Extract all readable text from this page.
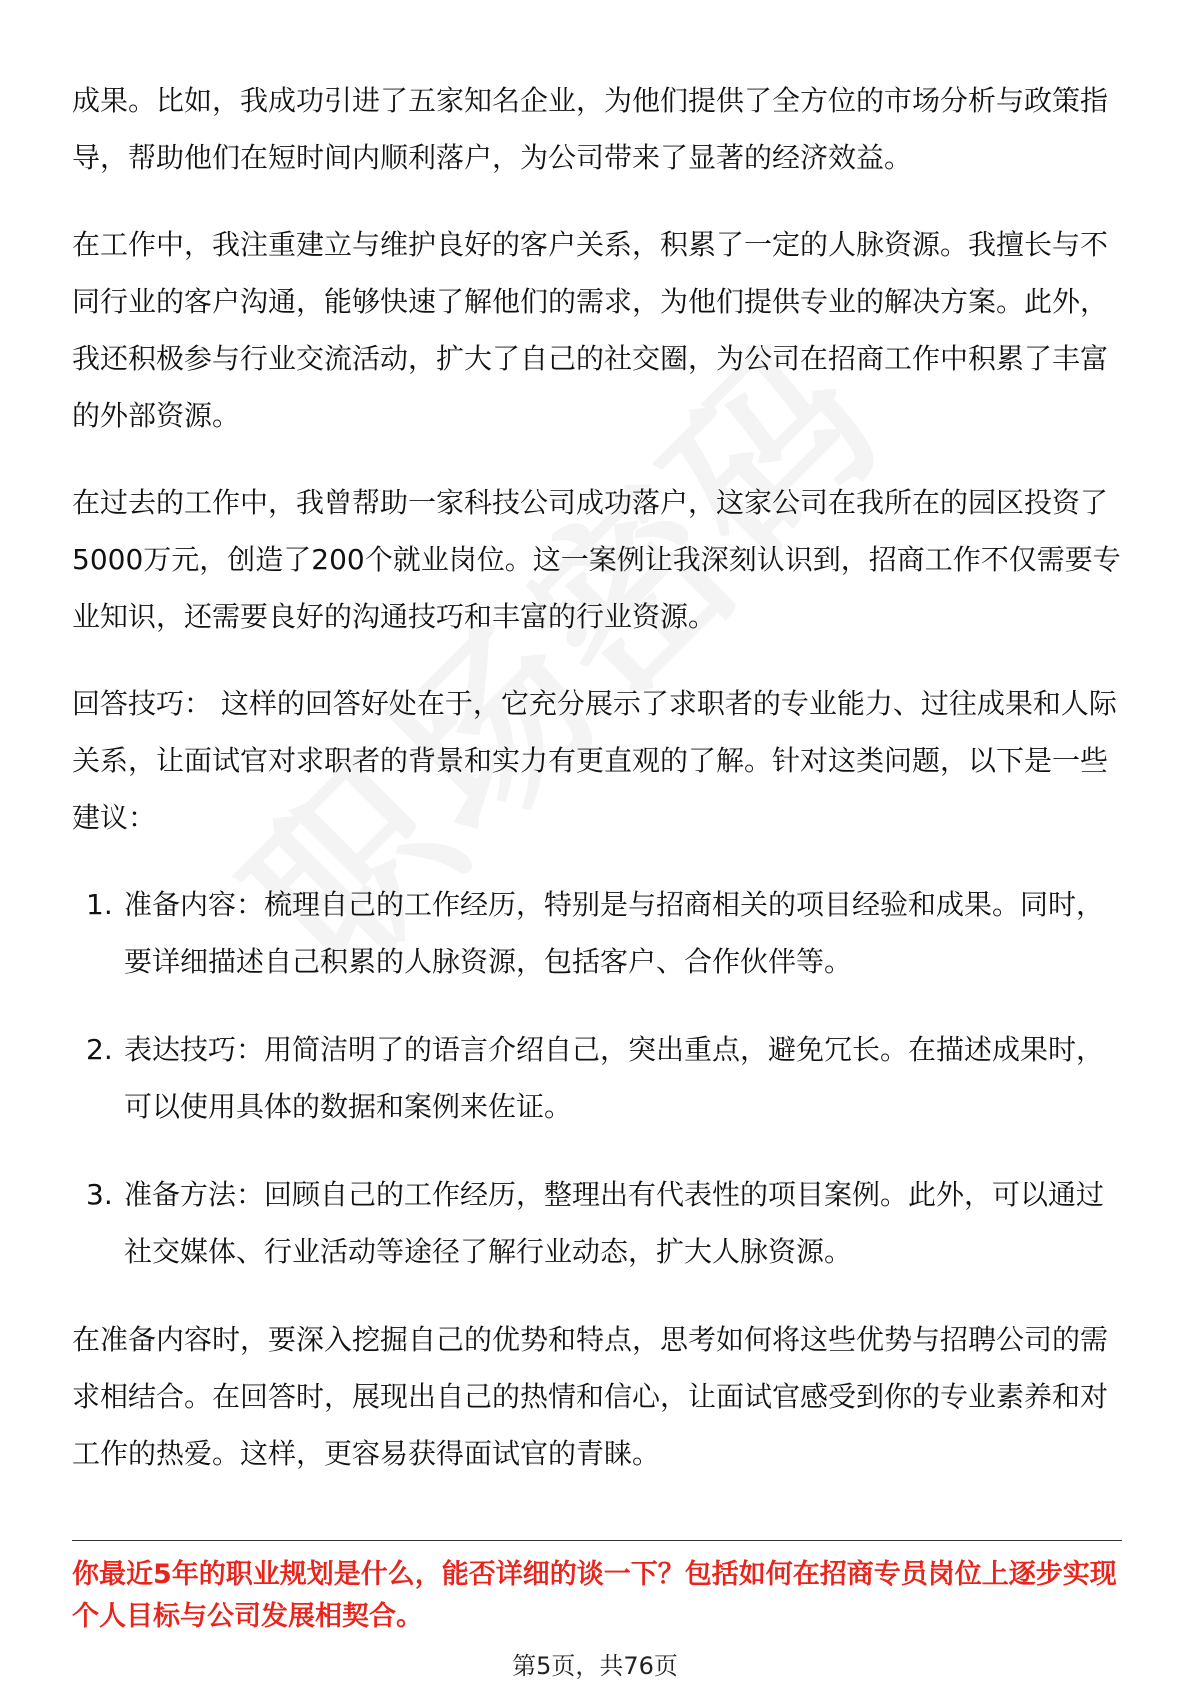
成果。比如，我成功引进了五家知名企业，为他们提供了全方位的市场分析与政策指导，帮助他们在短时间内顺利落户，为公司带来了显著的经济效益。

在工作中，我注重建立与维护良好的客户关系，积累了一定的人脉资源。我擅长与不同行业的客户沟通，能够快速了解他们的需求，为他们提供专业的解决方案。此外，我还积极参与行业交流活动，扩大了自己的社交圈，为公司在招商工作中积累了丰富的外部资源。

在过去的工作中，我曾帮助一家科技公司成功落户，这家公司在我所在的园区投资了5000万元，创造了200个就业岗位。这一案例让我深刻认识到，招商工作不仅需要专业知识，还需要良好的沟通技巧和丰富的行业资源。

回答技巧： 这样的回答好处在于，它充分展示了求职者的专业能力、过往成果和人际关系，让面试官对求职者的背景和实力有更直观的了解。针对这类问题，以下是一些建议：

1. 准备内容：梳理自己的工作经历，特别是与招商相关的项目经验和成果。同时，要详细描述自己积累的人脉资源，包括客户、合作伙伴等。
2. 表达技巧：用简洁明了的语言介绍自己，突出重点，避免冗长。在描述成果时，可以使用具体的数据和案例来佐证。
3. 准备方法：回顾自己的工作经历，整理出有代表性的项目案例。此外，可以通过社交媒体、行业活动等途径了解行业动态，扩大人脉资源。

在准备内容时，要深入挖掘自己的优势和特点，思考如何将这些优势与招聘公司的需求相结合。在回答时，展现出自己的热情和信心，让面试官感受到你的专业素养和对工作的热爱。这样，更容易获得面试官的青睐。

你最近5年的职业规划是什么，能否详细的谈一下？包括如何在招商专员岗位上逐步实现个人目标与公司发展相契合。
第5页，共76页
